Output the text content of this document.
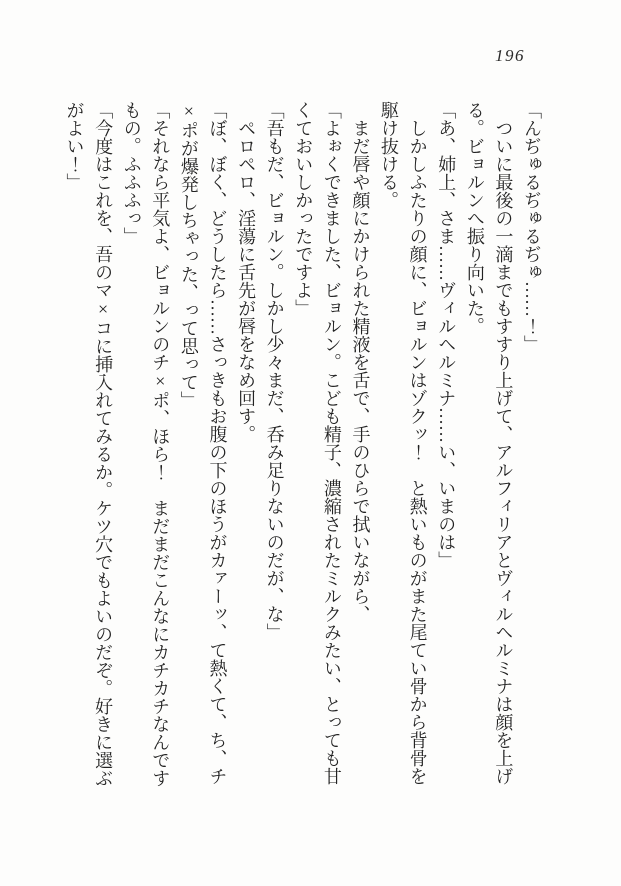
196

「んぢゅるぢゅるぢゅ……！」

ついに最後の一滴までもすすり上げて、アルフィリアとヴィルヘルミナは顔を上げる。ビョルンへ振り向いた。

「あ、姉上、さま……ヴィルヘルミナ……い、いまのは」

しかしふたりの顔に、ビョルンはゾクッ！　と熱いものがまた尾てい骨から背骨を駆け抜ける。

まだ唇や顔にかけられた精液を舌で、手のひらで拭いながら、

「よぉくできました、ビョルン。こども精子、濃縮されたミルクみたい、とっても甘くておいしかったですよ」

「吾もだ、ビョルン。しかし少々まだ、呑み足りないのだが、な」

ペロペロ、淫蕩に舌先が唇をなめ回す。

「ぼ、ぼく、どうしたら……さっきもお腹の下のほうがカァーッ、て熱くて、ち、チ×ポが爆発しちゃった、って思って」

「それなら平気よ、ビョルンのチ×ポ、ほら！　まだまだこんなにカチカチなんですもの。ふふふっ」

「今度はこれを、吾のマ×コに挿入れてみるか。ケツ穴でもよいのだぞ。好きに選ぶがよい！」
